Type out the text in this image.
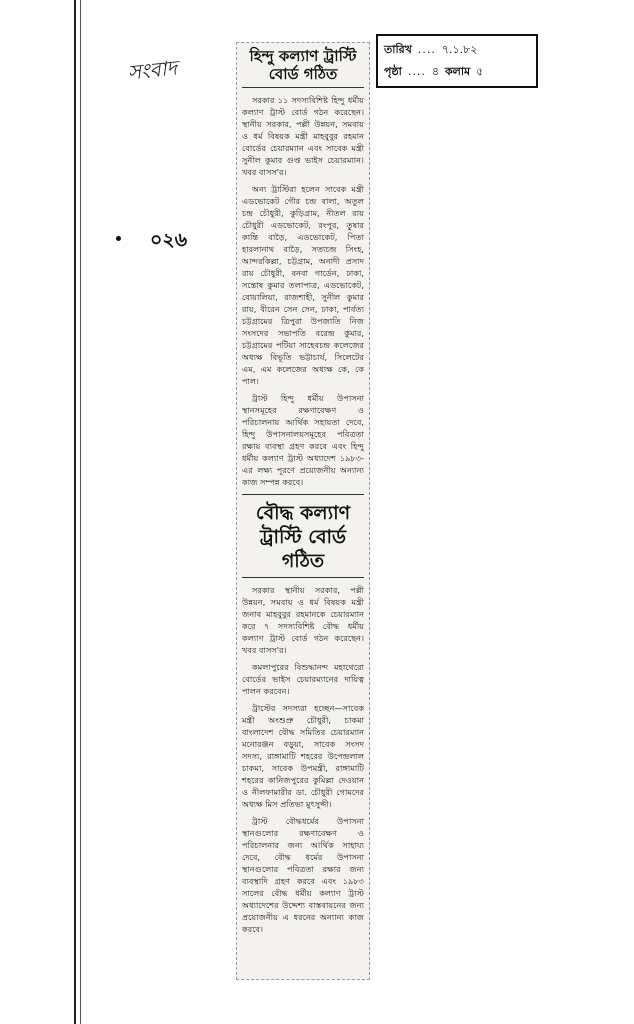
সংবাদ
০২৬
তারিখ .... ৭.১.৮২
পৃষ্ঠা .... ৪ কলাম ৫
হিন্দু কল্যাণ ট্রাস্টি বোর্ড গঠিত

সরকার ১১ সদস্যবিশিষ্ট হিন্দু ধর্মীয় কল্যাণ ট্রাস্ট বোর্ড গঠন করেছেন। স্থানীয় সরকার, পল্লী উন্নয়ন, সমবায় ও ধর্ম বিষয়ক মন্ত্রী মাহবুবুর রহমান বোর্ডের চেয়ারম্যান এবং সাবেক মন্ত্রী সুনীল কুমার গুপ্ত ভাইস চেয়ারম্যান। খবর বাসস'র।

অন্য ট্রাস্টিরা হলেন সাবেক মন্ত্রী এডভোকেট গৌর চন্দ্র বালা, অতুল চন্দ্র চৌধুরী, কুড়িগ্রাম, নীতল রায় চৌধুরী এডভোকেট, রংপুর, তুষার কান্তি বাড়ৈ, এডভোকেট, পিতা হারলানাথ বাড়ৈ, সত্যচন্দ্র সিংহ, আন্দরকিল্লা, চট্টগ্রাম, অনাদী প্রসাদ রায় চৌধুরী, বনবা গার্ডেন, ঢাকা, সন্তোষ কুমার তলাপাত্র, এডভোকেট, বোয়ালিয়া, রাজশাহী, সুনীল কুমার রায়, বীরেন সেন সেন, ঢাকা, পার্বত্য চট্টগ্রামের ত্রিপুরা উপজাতি নিজ সংসদের সভাপতি বরেন্দ্র কুমার, চট্টগ্রামের পটিয়া সাহেবচন্দ্র কলেজের অধ্যক্ষ বিভূতি ভট্টাচার্য, সিলেটের এম, এম কলেজের অধ্যক্ষ কে, কে পাল।

ট্রাস্ট হিন্দু ধর্মীয় উপাসনা স্থানসমূহের রক্ষণাবেক্ষণ ও পরিচালনায় আর্থিক সহায়তা দেবে, হিন্দু উপাসনালয়সমূহের পবিত্রতা রক্ষায় ব্যবস্থা গ্রহণ করবে এবং হিন্দু ধর্মীয় কল্যাণ ট্রাস্ট অধ্যাদেশ ১৯৮৩-এর লক্ষ্য পূরণে প্রয়োজনীয় অন্যান্য কাজ সম্পন্ন করবে।

বৌদ্ধ কল্যাণ ট্রাস্টি বোর্ড গঠিত

সরকার স্থানীয় সরকার, পল্লী উন্নয়ন, সমবায় ও ধর্ম বিষয়ক মন্ত্রী জনাব মাহবুবুর রহমানকে চেয়ারম্যান করে ৭ সদস্যবিশিষ্ট বৌদ্ধ ধর্মীয় কল্যাণ ট্রাস্ট বোর্ড গঠন করেছেন। খবর বাসস'র।

কমলাপুরের বিশুদ্ধানন্দ মহাথেরো বোর্ডের ভাইস চেয়ারম্যানের দায়িত্ব পালন করবেন।

ট্রাস্টের সদস্যরা হচ্ছেন—সাবেক মন্ত্রী অংশুপ্রু চৌধুরী, চাকমা বাংলাদেশ বৌদ্ধ সমিতির চেয়ারম্যান মনোরঞ্জন বড়ুয়া, সাবেক সংসদ সদস্য, রাঙ্গামাটি শহরের উপেন্দ্রলাল চাকমা, সাবেক উপমন্ত্রী, রাঙ্গামাটি শহরের কানিজপুরের কুমিল্লা দেওয়ান ও নীলফামারীর ডা. চৌধুরী গোমদের অধ্যক্ষ মিস প্রতিভা মুৎসুদ্দী।

ট্রাস্ট বৌদ্ধধর্মের উপাসনা স্থানগুলোর রক্ষণাবেক্ষণ ও পরিচালনার জন্য আর্থিক সাহায্য দেবে, বৌদ্ধ ধর্মের উপাসনা স্থানগুলোর পবিত্রতা রক্ষার জন্য ব্যবস্থাদি গ্রহণ করবে এবং ১৯৮৩ সালের বৌদ্ধ ধর্মীয় কল্যাণ ট্রাস্ট অধ্যাদেশের উদ্দেশ্য বাস্তবায়নের জন্য প্রয়োজনীয় এ ধরনের অন্যান্য কাজ করবে।
